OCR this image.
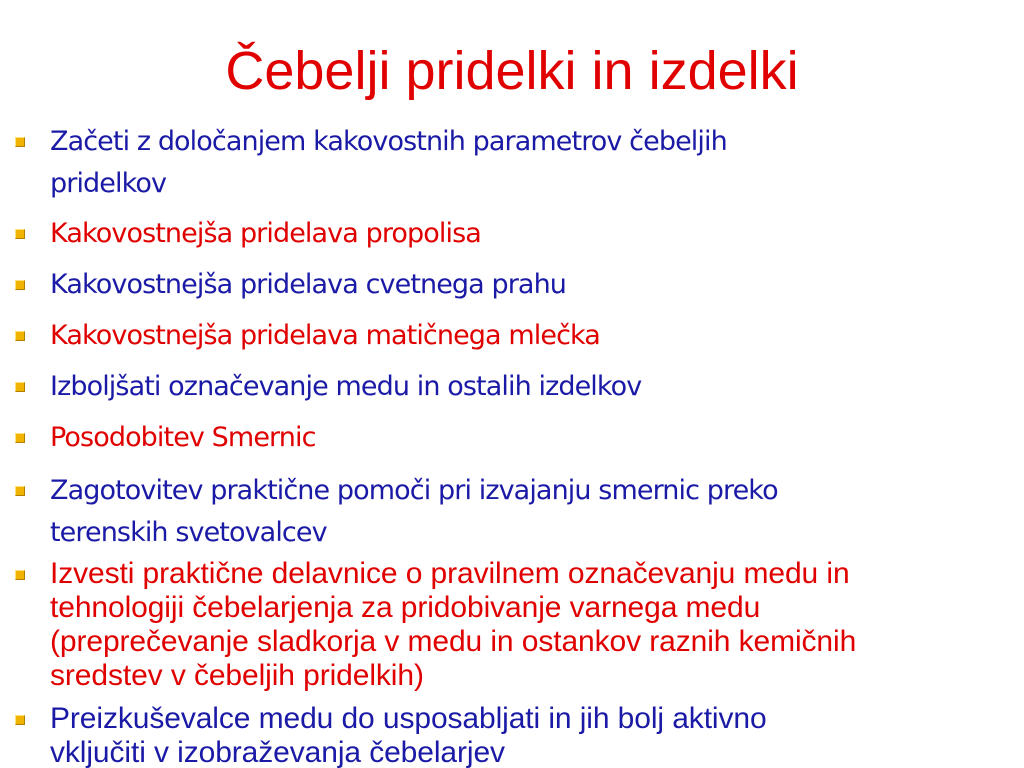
Čebelji pridelki in izdelki
Začeti z določanjem kakovostnih parametrov čebeljih
pridelkov
Kakovostnejša pridelava propolisa
Kakovostnejša pridelava cvetnega prahu
Kakovostnejša pridelava matičnega mlečka
Izboljšati označevanje medu in ostalih izdelkov
Posodobitev Smernic
Zagotovitev praktične pomoči pri izvajanju smernic preko
terenskih svetovalcev
Izvesti praktične delavnice o pravilnem označevanju medu in
tehnologiji čebelarjenja za pridobivanje varnega medu
(preprečevanje sladkorja v medu in ostankov raznih kemičnih
sredstev v čebeljih pridelkih)
Preizkuševalce medu do usposabljati in jih bolj aktivno
vključiti v izobraževanja čebelarjev
